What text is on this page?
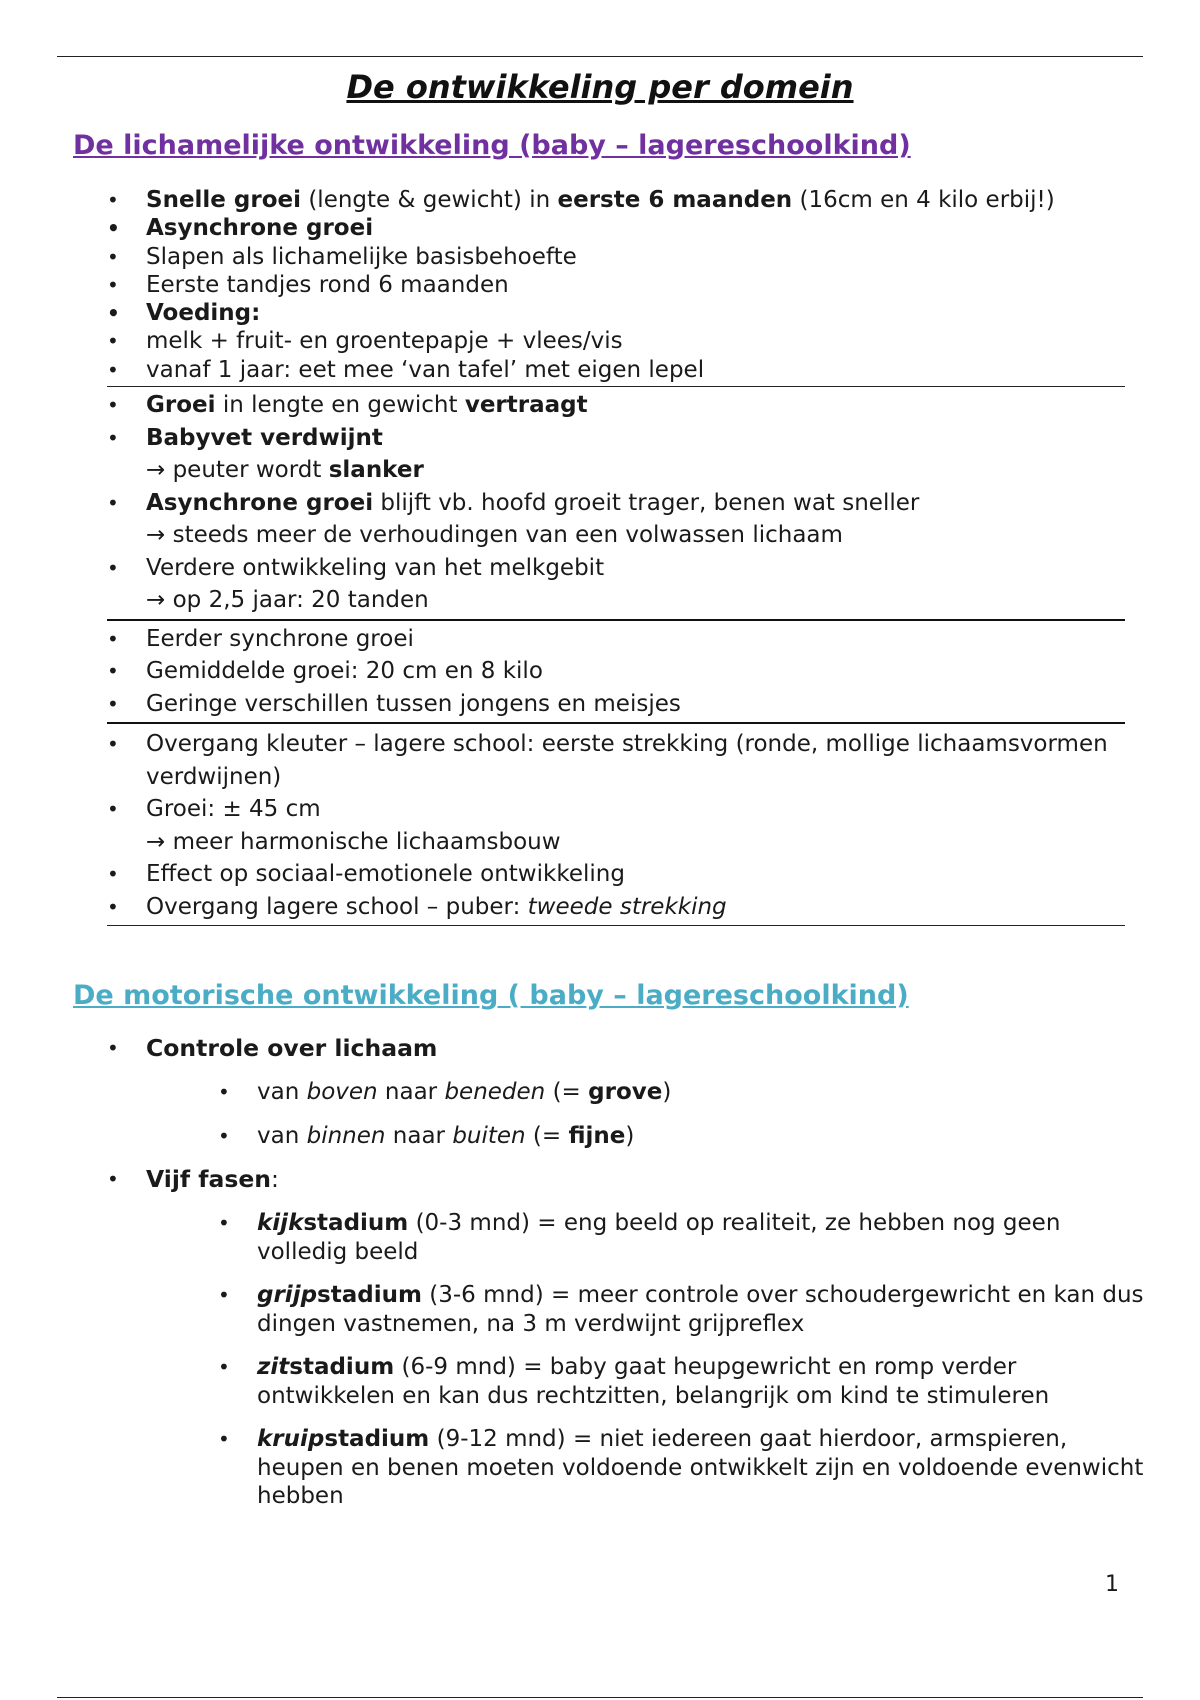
De ontwikkeling per domein
De lichamelijke ontwikkeling (baby – lagereschoolkind)
• Snelle groei (lengte & gewicht) in eerste 6 maanden (16cm en 4 kilo erbij!)
• Asynchrone groei
• Slapen als lichamelijke basisbehoefte
• Eerste tandjes rond 6 maanden
• Voeding:
• melk + fruit- en groentepapje + vlees/vis
• vanaf 1 jaar: eet mee ‘van tafel’ met eigen lepel
• Groei in lengte en gewicht vertraagt
• Babyvet verdwijnt
→ peuter wordt slanker
• Asynchrone groei blijft vb. hoofd groeit trager, benen wat sneller
→ steeds meer de verhoudingen van een volwassen lichaam
• Verdere ontwikkeling van het melkgebit
→ op 2,5 jaar: 20 tanden
• Eerder synchrone groei
• Gemiddelde groei: 20 cm en 8 kilo
• Geringe verschillen tussen jongens en meisjes
• Overgang kleuter – lagere school: eerste strekking (ronde, mollige lichaamsvormen verdwijnen)
• Groei: ± 45 cm
→ meer harmonische lichaamsbouw
• Effect op sociaal-emotionele ontwikkeling
• Overgang lagere school – puber: tweede strekking
De motorische ontwikkeling ( baby – lagereschoolkind)
• Controle over lichaam
• van boven naar beneden (= grove)
• van binnen naar buiten (= fijne)
• Vijf fasen:
• kijkstadium (0-3 mnd) = eng beeld op realiteit, ze hebben nog geen volledig beeld
• grijpstadium (3-6 mnd) = meer controle over schoudergewricht en kan dus dingen vastnemen, na 3 m verdwijnt grijpreflex
• zitstadium (6-9 mnd) = baby gaat heupgewricht en romp verder ontwikkelen en kan dus rechtzitten, belangrijk om kind te stimuleren
• kruipstadium (9-12 mnd) = niet iedereen gaat hierdoor, armspieren, heupen en benen moeten voldoende ontwikkelt zijn en voldoende evenwicht hebben
1
